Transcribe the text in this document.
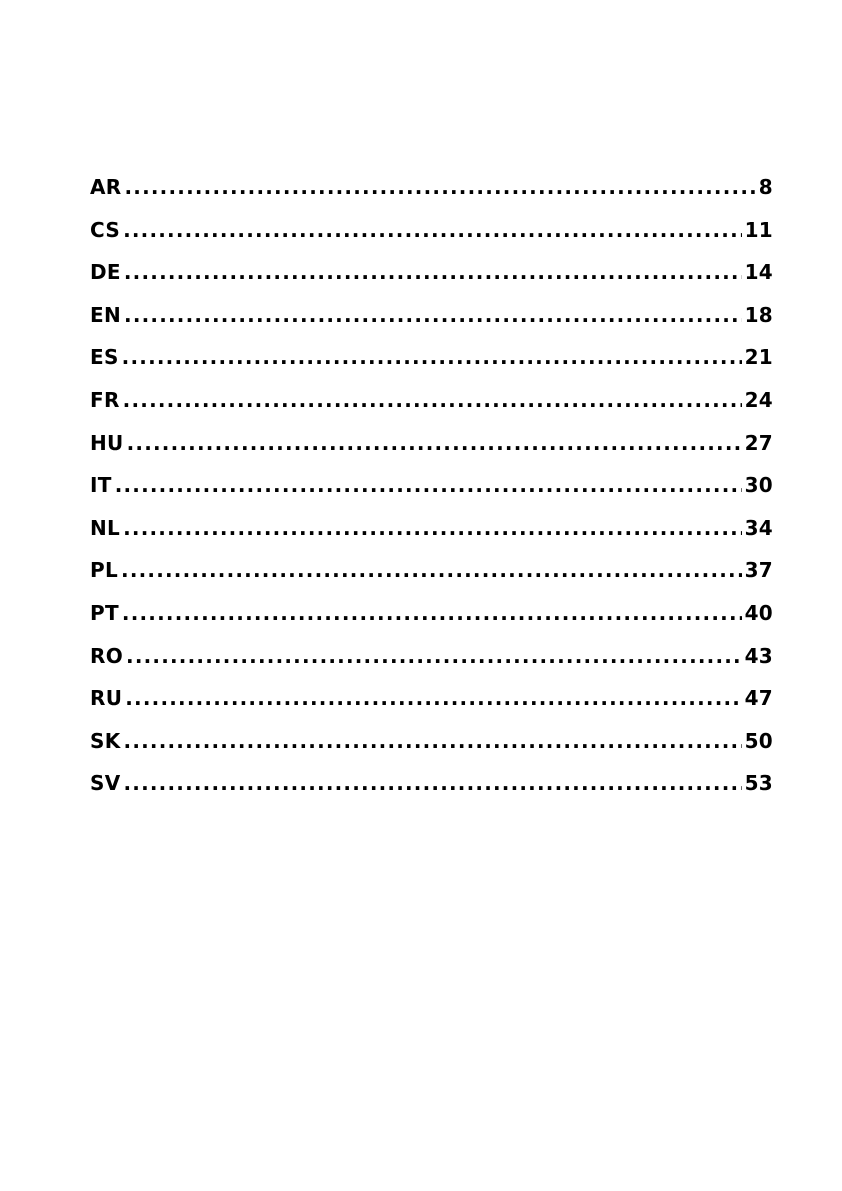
AR .....	8
CS .....	11
DE .....	14
EN .....	18
ES .....	21
FR .....	24
HU .....	27
IT .....	30
NL .....	34
PL .....	37
PT .....	40
RO .....	43
RU .....	47
SK .....	50
SV .....	53
